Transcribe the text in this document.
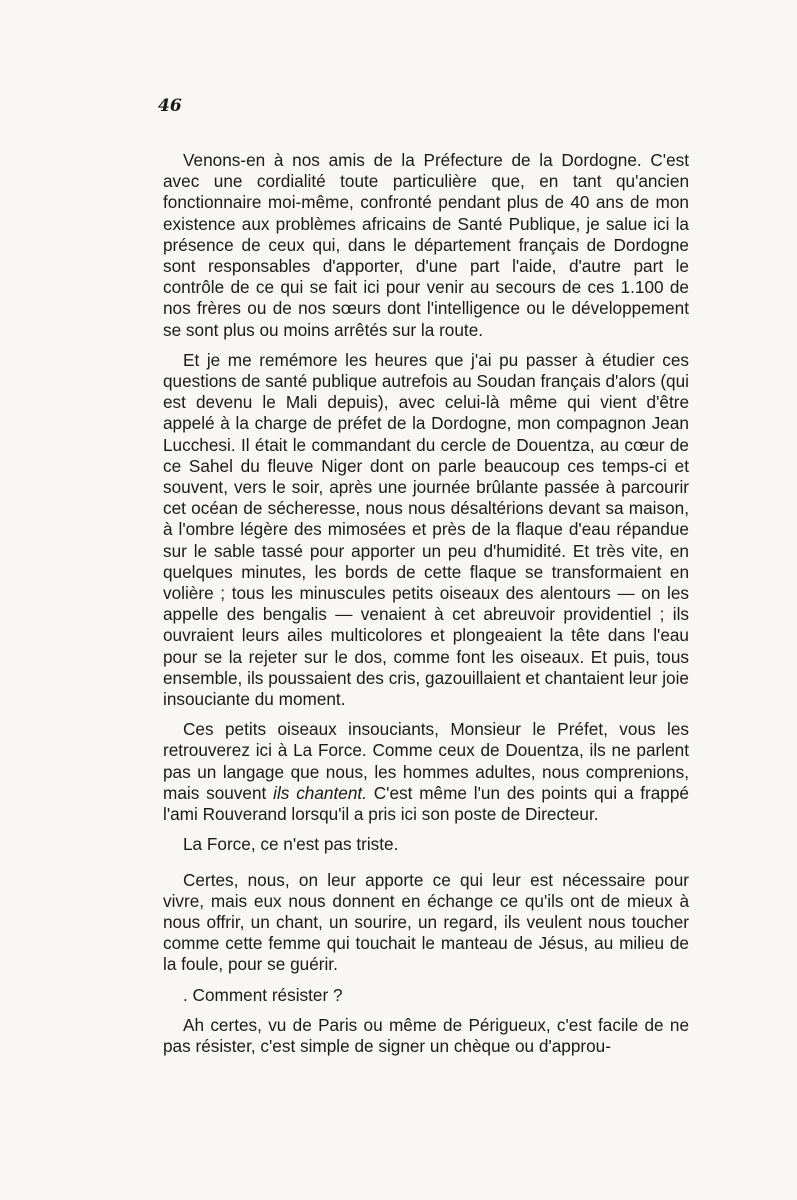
46

Venons-en à nos amis de la Préfecture de la Dordogne. C'est avec une cordialité toute particulière que, en tant qu'ancien fonctionnaire moi-même, confronté pendant plus de 40 ans de mon existence aux problèmes africains de Santé Publique, je salue ici la présence de ceux qui, dans le département français de Dordogne sont responsables d'apporter, d'une part l'aide, d'autre part le contrôle de ce qui se fait ici pour venir au secours de ces 1.100 de nos frères ou de nos sœurs dont l'intelligence ou le développement se sont plus ou moins arrêtés sur la route.

Et je me remémore les heures que j'ai pu passer à étudier ces questions de santé publique autrefois au Soudan français d'alors (qui est devenu le Mali depuis), avec celui-là même qui vient d'être appelé à la charge de préfet de la Dordogne, mon compagnon Jean Lucchesi. Il était le commandant du cercle de Douentza, au cœur de ce Sahel du fleuve Niger dont on parle beaucoup ces temps-ci et souvent, vers le soir, après une journée brûlante passée à parcourir cet océan de sécheresse, nous nous désaltérions devant sa maison, à l'ombre légère des mimosées et près de la flaque d'eau répandue sur le sable tassé pour apporter un peu d'humidité. Et très vite, en quelques minutes, les bords de cette flaque se transformaient en volière ; tous les minuscules petits oiseaux des alentours — on les appelle des bengalis — venaient à cet abreuvoir providentiel ; ils ouvraient leurs ailes multicolores et plongeaient la tête dans l'eau pour se la rejeter sur le dos, comme font les oiseaux. Et puis, tous ensemble, ils poussaient des cris, gazouillaient et chantaient leur joie insouciante du moment.

Ces petits oiseaux insouciants, Monsieur le Préfet, vous les retrouverez ici à La Force. Comme ceux de Douentza, ils ne parlent pas un langage que nous, les hommes adultes, nous comprenions, mais souvent ils chantent. C'est même l'un des points qui a frappé l'ami Rouverand lorsqu'il a pris ici son poste de Directeur.

La Force, ce n'est pas triste.

Certes, nous, on leur apporte ce qui leur est nécessaire pour vivre, mais eux nous donnent en échange ce qu'ils ont de mieux à nous offrir, un chant, un sourire, un regard, ils veulent nous toucher comme cette femme qui touchait le manteau de Jésus, au milieu de la foule, pour se guérir.

. Comment résister ?

Ah certes, vu de Paris ou même de Périgueux, c'est facile de ne pas résister, c'est simple de signer un chèque ou d'approu-
